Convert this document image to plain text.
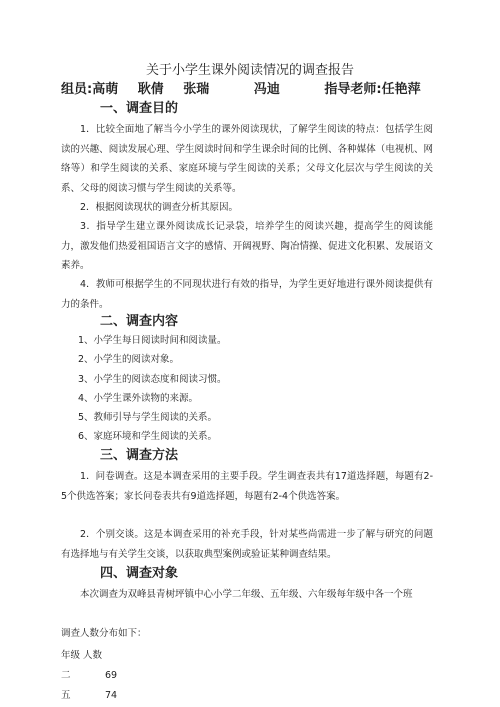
关于小学生课外阅读情况的调查报告
组员:高萌 耿倩 张瑞	冯迪	指导老师:任艳萍
一、调查目的
1．比较全面地了解当今小学生的课外阅读现状，了解学生阅读的特点：包括学生阅读的兴趣、阅读发展心理、学生阅读时间和学生课余时间的比例、各种媒体（电视机、网络等）和学生阅读的关系、家庭环境与学生阅读的关系；父母文化层次与学生阅读的关系、父母的阅读习惯与学生阅读的关系等。
2．根据阅读现状的调查分析其原因。
3．指导学生建立课外阅读成长记录袋，培养学生的阅读兴趣，提高学生的阅读能力，激发他们热爱祖国语言文字的感情、开阔视野、陶冶情操、促进文化积累、发展语文素养。
4．教师可根据学生的不同现状进行有效的指导，为学生更好地进行课外阅读提供有力的条件。
二、调查内容
1、小学生每日阅读时间和阅读量。
2、小学生的阅读对象。
3、小学生的阅读态度和阅读习惯。
4、小学生课外读物的来源。
5、教师引导与学生阅读的关系。
6、家庭环境和学生阅读的关系。
三、调查方法
1．问卷调查。这是本调查采用的主要手段。学生调查表共有17道选择题，每题有2-5个供选答案；家长问卷表共有9道选择题，每题有2-4个供选答案。
2．个别交谈。这是本调查采用的补充手段，针对某些尚需进一步了解与研究的问题有选择地与有关学生交谈，以获取典型案例或验证某种调查结果。
四、调查对象
本次调查为双峰县青树坪镇中心小学二年级、五年级、六年级每年级中各一个班
调查人数分布如下：
年级 人数
二	69
五	74
